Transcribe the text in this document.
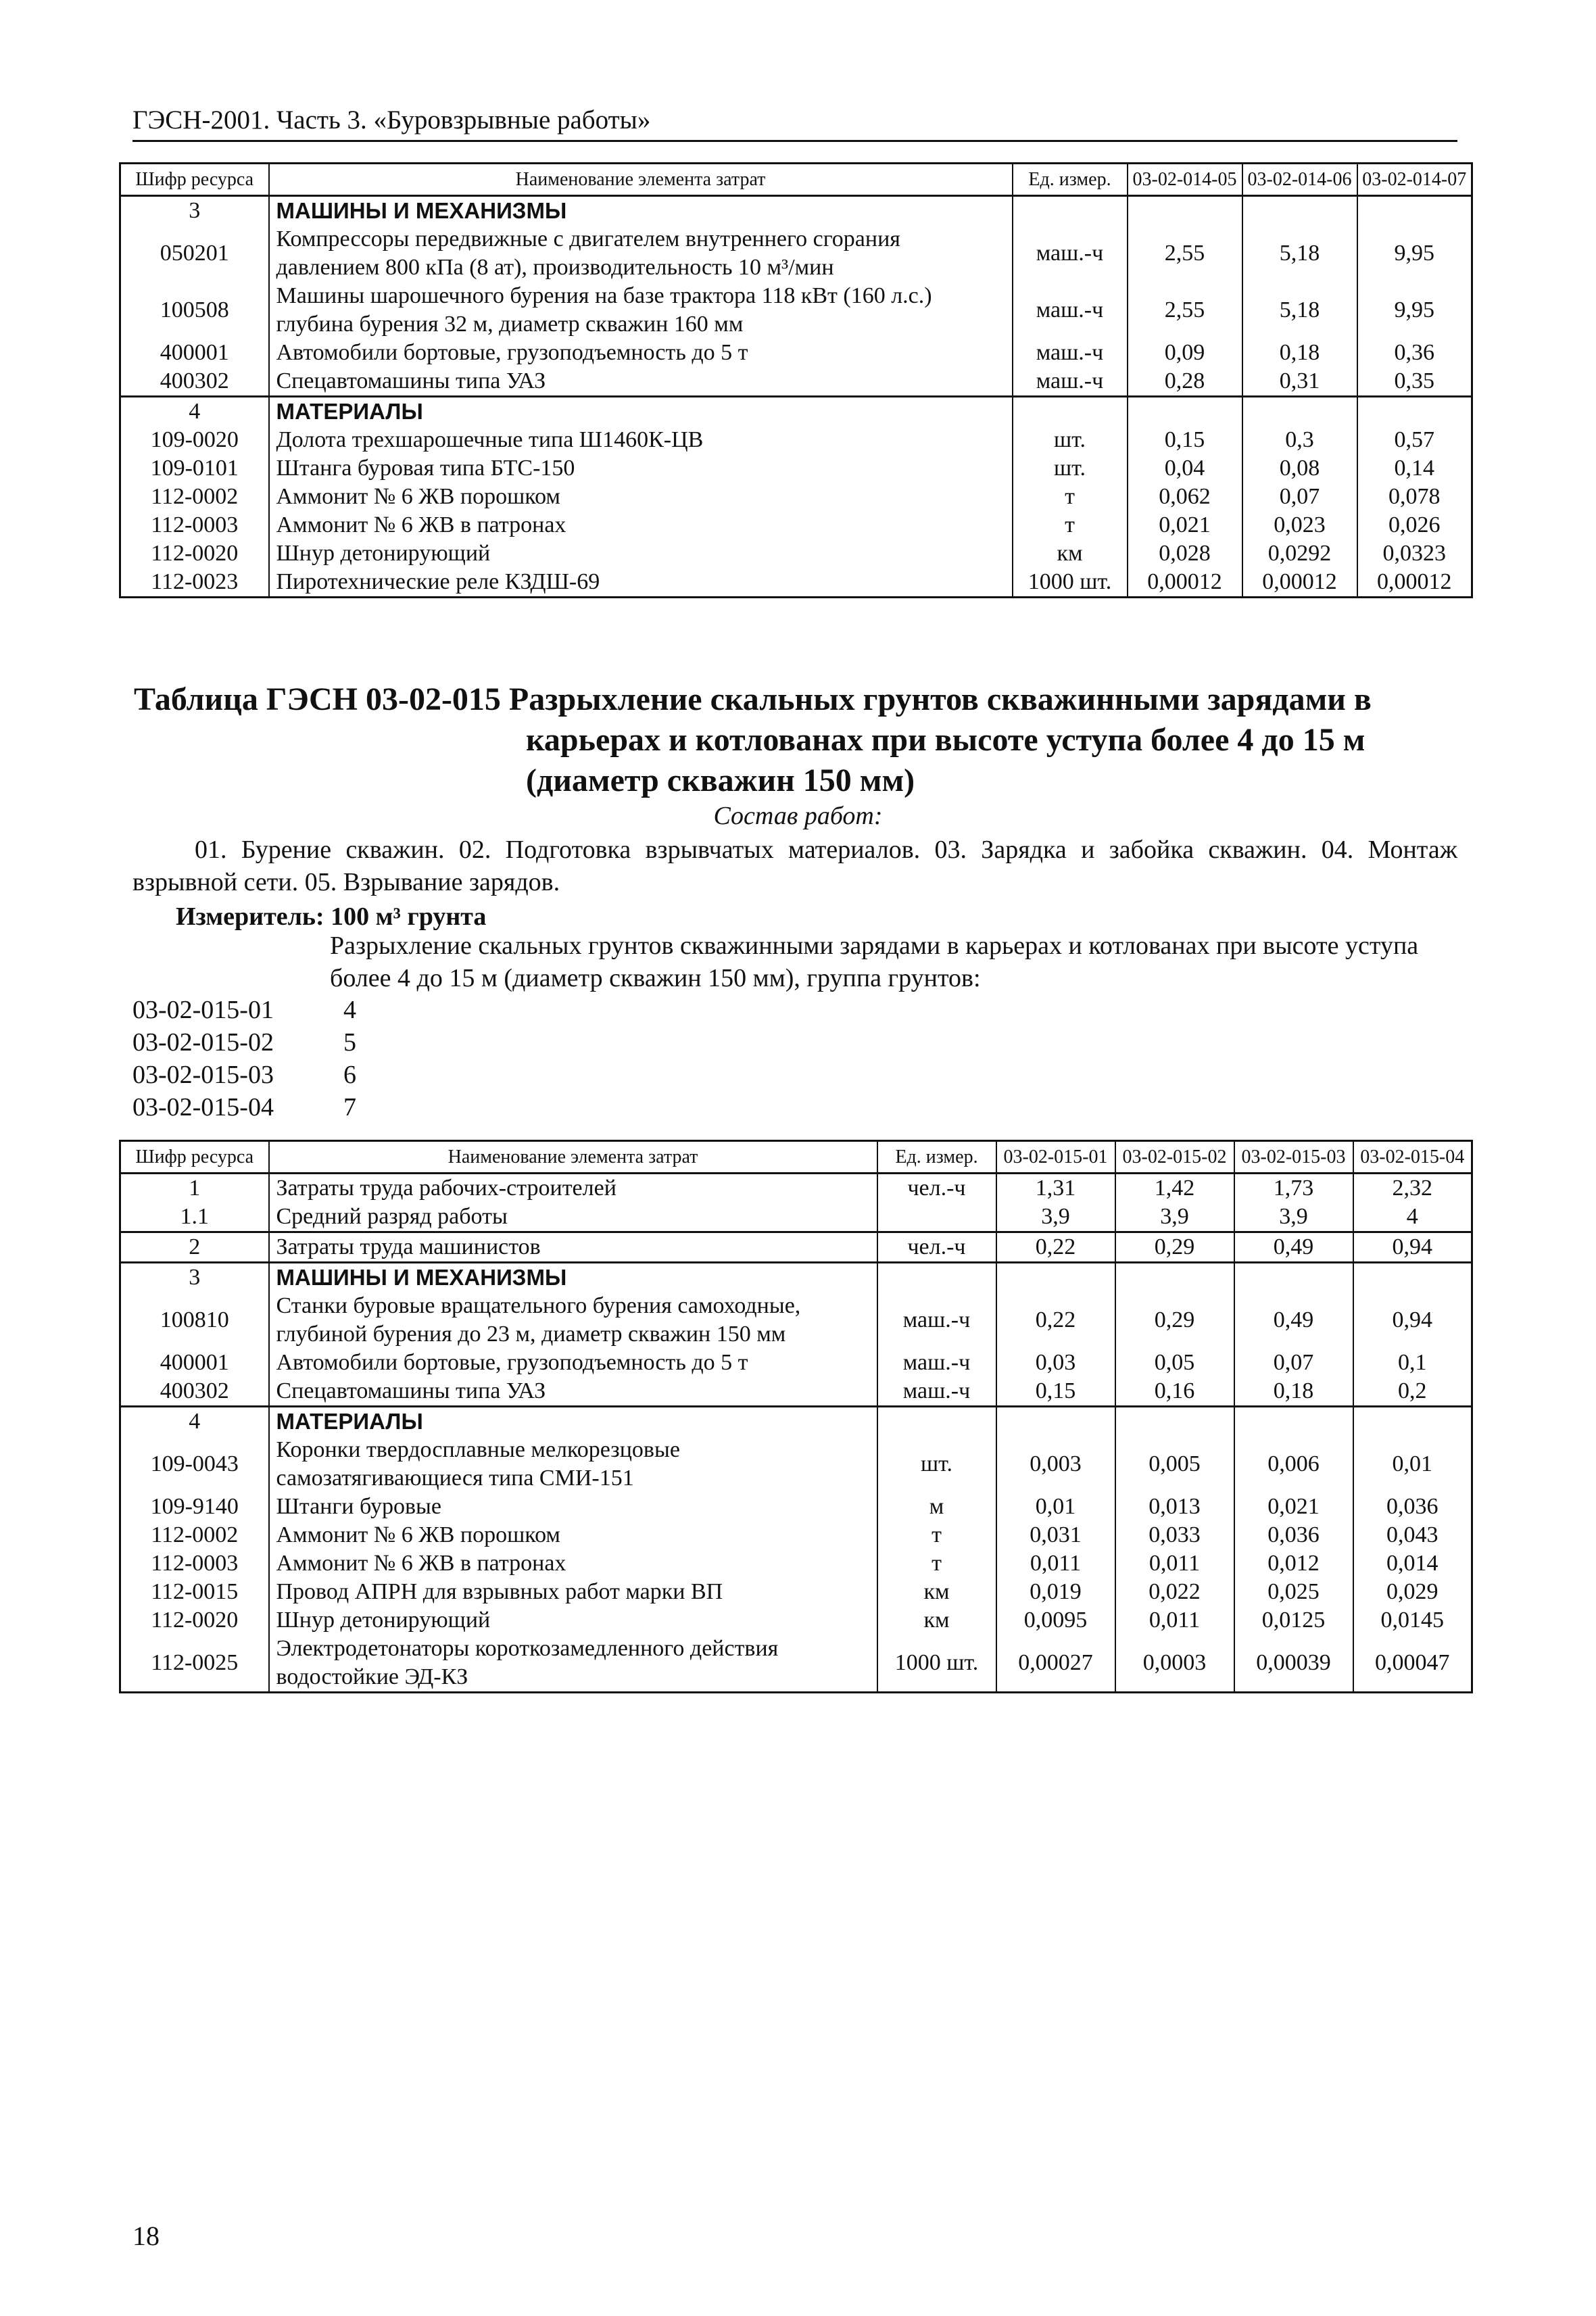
ГЭСН-2001. Часть 3. «Буровзрывные работы»
Шифр ресурса	Наименование элемента затрат	Ед. измер.	03-02-014-05	03-02-014-06	03-02-014-07
3	МАШИНЫ И МЕХАНИЗМЫ				
050201	Компрессоры передвижные с двигателем внутреннего сгорания давлением 800 кПа (8 ат), производительность 10 м³/мин	маш.-ч	2,55	5,18	9,95
100508	Машины шарошечного бурения на базе трактора 118 кВт (160 л.с.) глубина бурения 32 м, диаметр скважин 160 мм	маш.-ч	2,55	5,18	9,95
400001	Автомобили бортовые, грузоподъемность до 5 т	маш.-ч	0,09	0,18	0,36
400302	Спецавтомашины типа УАЗ	маш.-ч	0,28	0,31	0,35
4	МАТЕРИАЛЫ				
109-0020	Долота трехшарошечные типа Ш1460К-ЦВ	шт.	0,15	0,3	0,57
109-0101	Штанга буровая типа БТС-150	шт.	0,04	0,08	0,14
112-0002	Аммонит № 6 ЖВ порошком	т	0,062	0,07	0,078
112-0003	Аммонит № 6 ЖВ в патронах	т	0,021	0,023	0,026
112-0020	Шнур детонирующий	км	0,028	0,0292	0,0323
112-0023	Пиротехнические реле КЗДШ-69	1000 шт.	0,00012	0,00012	0,00012
Таблица ГЭСН 03-02-015 Разрыхление скальных грунтов скважинными зарядами в
карьерах и котлованах при высоте уступа более 4 до 15 м
(диаметр скважин 150 мм)
Состав работ:
01. Бурение скважин. 02. Подготовка взрывчатых материалов. 03. Зарядка и забойка скважин. 04. Монтаж взрывной сети. 05. Взрывание зарядов.
Измеритель: 100 м³ грунта
Разрыхление скальных грунтов скважинными зарядами в карьерах и котлованах при высоте уступа более 4 до 15 м (диаметр скважин 150 мм), группа грунтов:
03-02-015-01	4
03-02-015-02	5
03-02-015-03	6
03-02-015-04	7
Шифр ресурса	Наименование элемента затрат	Ед. измер.	03-02-015-01	03-02-015-02	03-02-015-03	03-02-015-04
1	Затраты труда рабочих-строителей	чел.-ч	1,31	1,42	1,73	2,32
1.1	Средний разряд работы		3,9	3,9	3,9	4
2	Затраты труда машинистов	чел.-ч	0,22	0,29	0,49	0,94
3	МАШИНЫ И МЕХАНИЗМЫ					
100810	Станки буровые вращательного бурения самоходные, глубиной бурения до 23 м, диаметр скважин 150 мм	маш.-ч	0,22	0,29	0,49	0,94
400001	Автомобили бортовые, грузоподъемность до 5 т	маш.-ч	0,03	0,05	0,07	0,1
400302	Спецавтомашины типа УАЗ	маш.-ч	0,15	0,16	0,18	0,2
4	МАТЕРИАЛЫ					
109-0043	Коронки твердосплавные мелкорезцовые самозатягивающиеся типа СМИ-151	шт.	0,003	0,005	0,006	0,01
109-9140	Штанги буровые	м	0,01	0,013	0,021	0,036
112-0002	Аммонит № 6 ЖВ порошком	т	0,031	0,033	0,036	0,043
112-0003	Аммонит № 6 ЖВ в патронах	т	0,011	0,011	0,012	0,014
112-0015	Провод АПРН для взрывных работ марки ВП	км	0,019	0,022	0,025	0,029
112-0020	Шнур детонирующий	км	0,0095	0,011	0,0125	0,0145
112-0025	Электродетонаторы короткозамедленного действия водостойкие ЭД-КЗ	1000 шт.	0,00027	0,0003	0,00039	0,00047
18
